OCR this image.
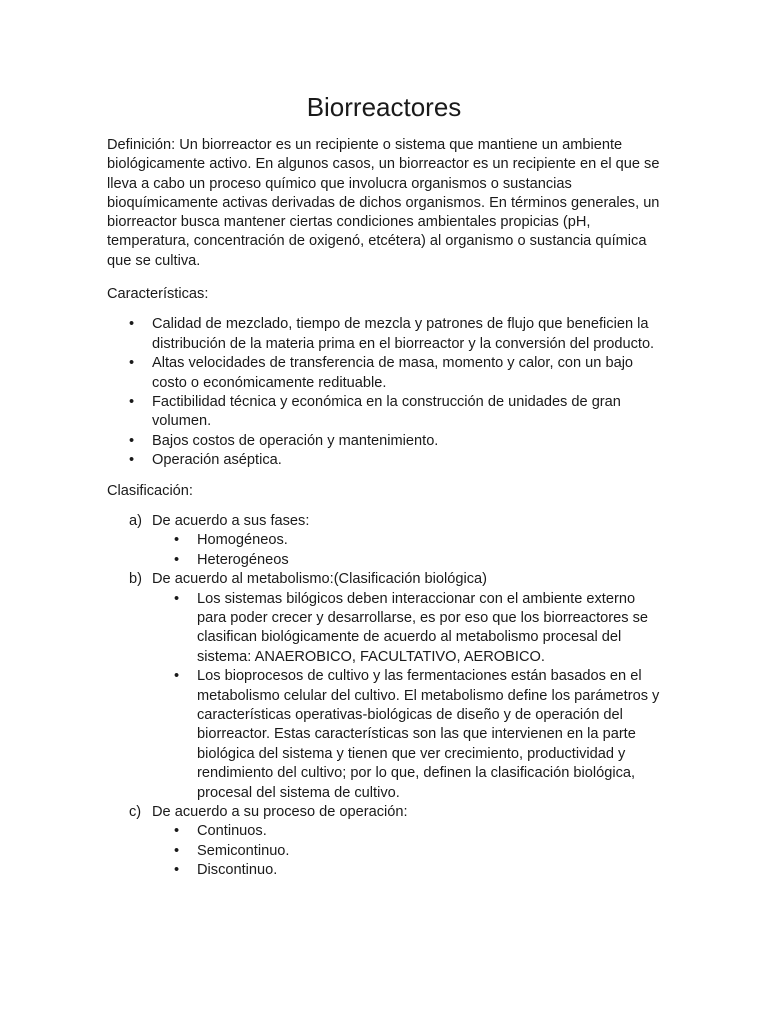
Biorreactores

Definición: Un biorreactor es un recipiente o sistema que mantiene un ambiente biológicamente activo. En algunos casos, un biorreactor es un recipiente en el que se lleva a cabo un proceso químico que involucra organismos o sustancias bioquímicamente activas derivadas de dichos organismos. En términos generales, un biorreactor busca mantener ciertas condiciones ambientales propicias (pH, temperatura, concentración de oxigenó, etcétera) al organismo o sustancia química que se cultiva.

Características:

• Calidad de mezclado, tiempo de mezcla y patrones de flujo que beneficien la distribución de la materia prima en el biorreactor y la conversión del producto.
• Altas velocidades de transferencia de masa, momento y calor, con un bajo costo o económicamente redituable.
• Factibilidad técnica y económica en la construcción de unidades de gran volumen.
• Bajos costos de operación y mantenimiento.
• Operación aséptica.

Clasificación:

a) De acuerdo a sus fases:
• Homogéneos.
• Heterogéneos
b) De acuerdo al metabolismo:(Clasificación biológica)
• Los sistemas bilógicos deben interaccionar con el ambiente externo para poder crecer y desarrollarse, es por eso que los biorreactores se clasifican biológicamente de acuerdo al metabolismo procesal del sistema: ANAEROBICO, FACULTATIVO, AEROBICO.
• Los bioprocesos de cultivo y las fermentaciones están basados en el metabolismo celular del cultivo. El metabolismo define los parámetros y características operativas-biológicas de diseño y de operación del biorreactor. Estas características son las que intervienen en la parte biológica del sistema y tienen que ver crecimiento, productividad y rendimiento del cultivo; por lo que, definen la clasificación biológica, procesal del sistema de cultivo.
c) De acuerdo a su proceso de operación:
• Continuos.
• Semicontinuo.
• Discontinuo.
